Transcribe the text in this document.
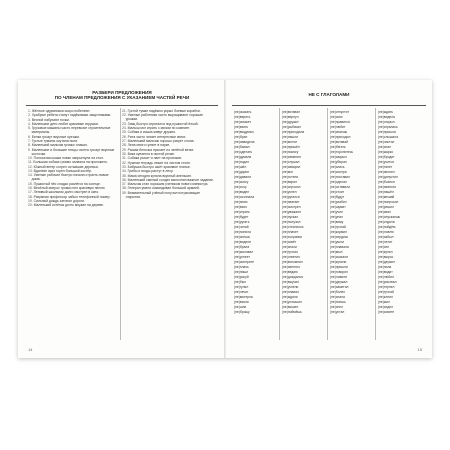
РАЗБЕРИ ПРЕДЛОЖЕНИЯ
ПО ЧЛЕНАМ ПРЕДЛОЖЕНИЯ С УКАЗАНИЕМ ЧАСТЕЙ РЕЧИ

1. Жёлтые одуванчики скоро побелеют.

2. Храбрые ребята станут надёжными защитниками.

3. Весной набухают почки.

4. Маленькие дети любят красивые игрушки.

5. Грузовые машины часто перевозят строительные материалы.

6. Белки грызут вкусные орешки.

7. Густые туманы окутали поля.

8. Маленький мальчик громко плакал.

9. Маленькие и большие птицы охотно грызут вкусные косточки.

10. Полосатая кошка ловко запрыгнула на стол.

11. Большая собака громко залаяла на прохожего.

12. Южный ветер согрел остывшие деревья.

13. Вдалеке ярко горел большой костёр.

14. Умелые рабочие быстро начали строить новые дома.

15. Пушистый пёс сладко разлёгся на солнце.

16. Весёлый матрос громко пел красивую песню.

17. Ленивый школьник долго смотрел в окно.

18. Разумная профессор забыл телефонный номер.

19. Сильный дождь затопил дороги.

20. Маленький котёнок долго мяукал на дереве.

21. Густой туман надёжно укрыл боевые корабли.

22. Умелые работники часто выращивают хорошие урожаи.

23. Заяц быстро спрятался под пушистой ёлкой.

24. Малыш мог играть с мячом по комнате.

25. Собака и кошка живут дружно.

26. Рита часто читает интересные книги.

27. Маленький мальчик хорошо рисует слона.

28. Лена много гуляет в парке.

29. Рыжая белочка прыгает по зелёной ветке.

30. Вика купается в чистой речке.

31. Собака рычит и лает на прохожих.

32. Нужная тетрадь лежит на чистом столе.

33. Бабушка быстро шьёт красивое платье.

34. Грибы и ягоды растут в лесу.

35. Мама сегодня купила вкусный апельсин.

36. Маленький смелый солдат выполнил важное задание.

37. Мальчик стал хорошим учеником нового министра.

38. Генерал умело командовал большой армией.

39. Внимательный учёный получил потрясающие открытия.

14
НЕ С ГЛАГОЛАМИ
(не)сказать
(не)верить
(не)сможет
(не)взять
(не)выдумал
(не)брал
(не)навидела
(не)бывал
(не)сделать
(не)думала
(не)ходил
(не)шёл
(не)дарил
(не)давали
(не)смогу
(не)хочу
(не)видел
(не)осознала
(не)знаю
(не)взял
(не)играть
(не)будет
(не)ругать
(не)читай
(не)поняла
(не)спеша
(не)видели
(не)брала
(не)жаловал
(не)успеет
(не)смотрите
(не)плачь
(не)пиши
(не)рисуй
(не)был
(не)гулял
(не)лечит
(не)вытерла
(не)взяли
(не)шли
(не)брошу
(не)вставал
(не)вернул
(не)дружит
(не)рыбачил
(не)приходила
(не)нашли
(не)могли
(не)пришёл
(не)помогу
(не)изменил
(не)слушал
(не)заварил
(не)мог
(не)хотели
(не)верил
(не)спросил
(не)успел
(не)ругался
(не)хватает
(не)смотрел
(не)уважают
(не)пускал
(не)получил
(не)стеснялся
(не)плачет
(не)сохранил
(не)зовёт
(не)знали
(не)трогал
(не)ответил
(не)вспомнил
(не)светило
(не)ведаю
(не)дождался
(не)выучил
(не)успели
(не)плавал
(не)ждали
(не)услышал
(не)вышел
(не)поймёшь
(не)отпустит
(не)смог
(не)нравится
(не)любит
(не)знаешь
(не)приходил
(не)вставай
(не)бегать
(не)торопитесь
(не)закрыл
(не)убирал
(не)злись
(не)смотри
(не)поставил
(не)сделал
(не)оставили
(не)стоит
(не)будут
(не)разбил
(не)шумит
(не)учил
(не)упал
(не)вижу
(не)трогай
(не)кормил
(не)сердись
(не)ушли
(не)плавала
(не)мыл
(не)сказали
(не)купили
(не)пришли
(не)говорил
(не)ловили
(не)держал
(не)заметил
(не)болел
(не)спала
(не)поешь
(не)спел
(не)устал
(не)ждать
(не)видела
(не)открыл
(не)игралась
(не)пришла
(не)слышала
(не)чистил
(не)спал
(не)жарко
(не)бродит
(не)учится
(не)тянет
(не)звонил
(не)допустил
(не)боялся
(не)хватило
(не)нашёл
(не)мешай
(не)попросил
(не)решил
(не)звал
(не)опускаешь
(не)отдала
(не)пойдём
(не)ловлю
(не)забыл
(не)летит
(не)сел
(не)купил
(не)вырос
(не)держит
(не)пила
(не)видит
(не)любил
(не)рисовал
(не)терпел
(не)трогай
(не)клеил
(не)жил
(не)сидел
(не)зовите
15
